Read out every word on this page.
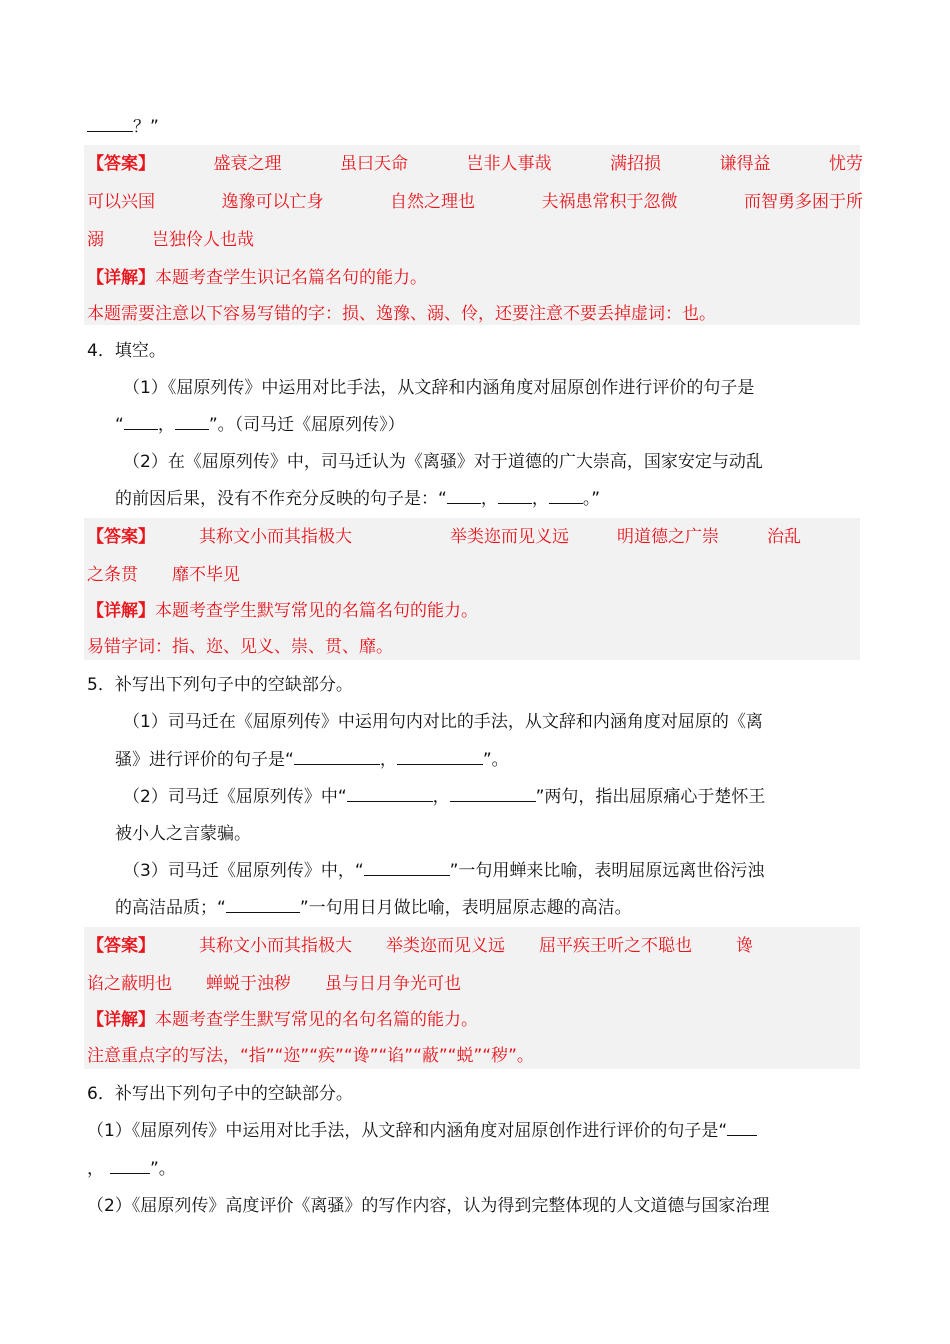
？”
【答案】	盛衰之理	虽曰天命	岂非人事哉	满招损	谦得益	忧劳
可以兴国	逸豫可以亡身	自然之理也	夫祸患常积于忽微	而智勇多困于所
溺	岂独伶人也哉
【详解】本题考查学生识记名篇名句的能力。
本题需要注意以下容易写错的字：损、逸豫、溺、伶，还要注意不要丢掉虚词：也。
4．填空。
（1）《屈原列传》中运用对比手法，从文辞和内涵角度对屈原创作进行评价的句子是
“ ， ”。（司马迁《屈原列传》）
（2）在《屈原列传》中，司马迁认为《离骚》对于道德的广大崇高，国家安定与动乱
的前因后果，没有不作充分反映的句子是：“ ， ， 。”
【答案】	其称文小而其指极大	举类迩而见义远	明道德之广崇	治乱
之条贯 靡不毕见
【详解】本题考查学生默写常见的名篇名句的能力。
易错字词：指、迩、见义、崇、贯、靡。
5．补写出下列句子中的空缺部分。
（1）司马迁在《屈原列传》中运用句内对比的手法，从文辞和内涵角度对屈原的《离
骚》进行评价的句子是“	，	”。
（2）司马迁《屈原列传》中“	，	”两句，指出屈原痛心于楚怀王
被小人之言蒙骗。
（3）司马迁《屈原列传》中，“	”一句用蝉来比喻，表明屈原远离世俗污浊
的高洁品质；“	”一句用日月做比喻，表明屈原志趣的高洁。
【答案】	其称文小而其指极大 举类迩而见义远 屈平疾王听之不聪也	谗
谄之蔽明也 蝉蜕于浊秽 虽与日月争光可也
【详解】本题考查学生默写常见的名句名篇的能力。
注意重点字的写法，“指”“迩”“疾”“谗”“谄”“蔽”“蜕”“秽”。
6．补写出下列句子中的空缺部分。
（1）《屈原列传》中运用对比手法，从文辞和内涵角度对屈原创作进行评价的句子是“
，	”。
（2）《屈原列传》高度评价《离骚》的写作内容，认为得到完整体现的人文道德与国家治理
